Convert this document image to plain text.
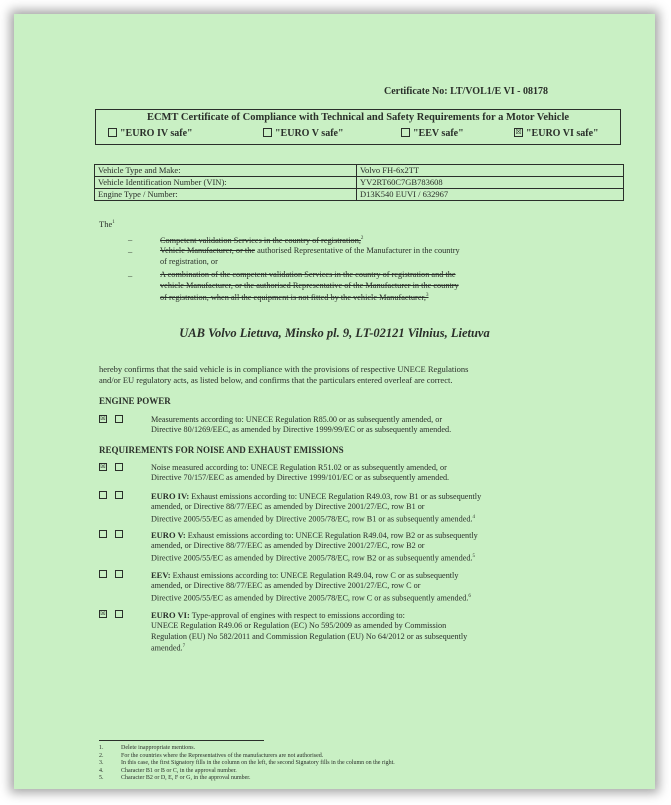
Certificate No: LT/VOL1/E VI - 08178
ECMT Certificate of Compliance with Technical and Safety Requirements for a Motor Vehicle
"EURO IV safe"	"EURO V safe"	"EEV safe"	☒ "EURO VI safe"
Vehicle Type and Make:	Volvo FH-6x2TT
Vehicle Identification Number (VIN):	YV2RT60C7GB783608
Engine Type / Number:	D13K540 EUVI / 632967
The$^1$
–	Competent validation Services in the country of registration,$^2$
–	Vehicle Manufacturer, or the authorised Representative of the Manufacturer in the country
of registration, or
–	A combination of the competent validation Services in the country of registration and the
vehicle Manufacturer, or the authorised Representative of the Manufacturer in the country
of registration, when all the equipment is not fitted by the vehicle Manufacturer,$^3$
UAB Volvo Lietuva, Minsko pl. 9, LT-02121 Vilnius, Lietuva
hereby confirms that the said vehicle is in compliance with the provisions of respective UNECE Regulations
and/or EU regulatory acts, as listed below, and confirms that the particulars entered overleaf are correct.
ENGINE POWER
☒	Measurements according to: UNECE Regulation R85.00 or as subsequently amended, or
Directive 80/1269/EEC, as amended by Directive 1999/99/EC or as subsequently amended.
REQUIREMENTS FOR NOISE AND EXHAUST EMISSIONS
☒	Noise measured according to: UNECE Regulation R51.02 or as subsequently amended, or
Directive 70/157/EEC as amended by Directive 1999/101/EC or as subsequently amended.
EURO IV: Exhaust emissions according to: UNECE Regulation R49.03, row B1 or as subsequently
amended, or Directive 88/77/EEC as amended by Directive 2001/27/EC, row B1 or
Directive 2005/55/EC as amended by Directive 2005/78/EC, row B1 or as subsequently amended.$^4$
EURO V: Exhaust emissions according to: UNECE Regulation R49.04, row B2 or as subsequently
amended, or Directive 88/77/EEC as amended by Directive 2001/27/EC, row B2 or
Directive 2005/55/EC as amended by Directive 2005/78/EC, row B2 or as subsequently amended.$^5$
EEV: Exhaust emissions according to: UNECE Regulation R49.04, row C or as subsequently
amended, or Directive 88/77/EEC as amended by Directive 2001/27/EC, row C or
Directive 2005/55/EC as amended by Directive 2005/78/EC, row C or as subsequently amended.$^6$
☒	EURO VI: Type-approval of engines with respect to emissions according to:
UNECE Regulation R49.06 or Regulation (EC) No 595/2009 as amended by Commission
Regulation (EU) No 582/2011 and Commission Regulation (EU) No 64/2012 or as subsequently
amended.$^7$
1.	Delete inappropriate mentions.
2.	For the countries where the Representatives of the manufacturers are not authorised.
3.	In this case, the first Signatory fills in the column on the left, the second Signatory fills in the column on the right.
4.	Character B1 or B or C, in the approval number.
5.	Character B2 or D, E, F or G, in the approval number.
